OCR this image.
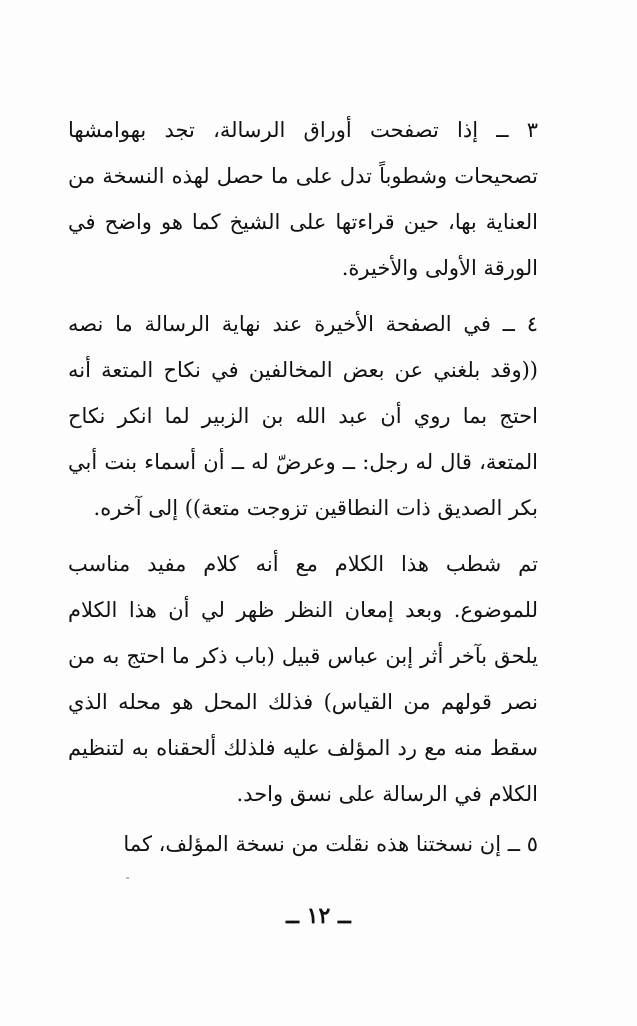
٣ ــ إذا تصفحت أوراق الرسالة، تجد بهوامشها تصحيحات وشطوباً تدل على ما حصل لهذه النسخة من العناية بها، حين قراءتها على الشيخ كما هو واضح في الورقة الأولى والأخيرة.

٤ ــ في الصفحة الأخيرة عند نهاية الرسالة ما نصه ((وقد بلغني عن بعض المخالفين في نكاح المتعة أنه احتج بما روي أن عبد الله بن الزبير لما انكر نكاح المتعة، قال له رجل: ــ وعرضّ له ــ أن أسماء بنت أبي بكر الصديق ذات النطاقين تزوجت متعة)) إلى آخره.

تم شطب هذا الكلام مع أنه كلام مفيد مناسب للموضوع. وبعد إمعان النظر ظهر لي أن هذا الكلام يلحق بآخر أثر إبن عباس قبيل (باب ذكر ما احتج به من نصر قولهم من القياس) فذلك المحل هو محله الذي سقط منه مع رد المؤلف عليه فلذلك ألحقناه به لتنظيم الكلام في الرسالة على نسق واحد.

٥ ــ إن نسختنا هذه نقلت من نسخة المؤلف، كما

ــ ١٢ ــ
